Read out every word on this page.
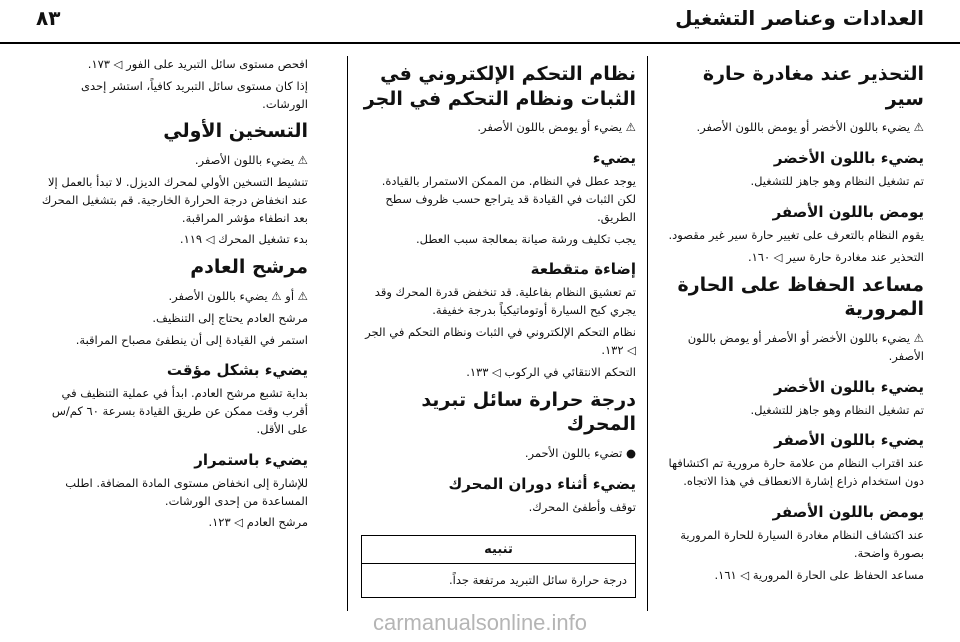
العدادات وعناصر التشغيل
٨٣
التحذير عند مغادرة حارة سير

⚠ يضيء باللون الأخضر أو يومض باللون الأصفر.

يضيء باللون الأخضر

تم تشغيل النظام وهو جاهز للتشغيل.

يومض باللون الأصفر

يقوم النظام بالتعرف على تغيير حارة سير غير مقصود.

التحذير عند مغادرة حارة سير ◁ ١٦٠.

مساعد الحفاظ على الحارة المرورية

⚠ يضيء باللون الأخضر أو الأصفر أو يومض باللون الأصفر.

يضيء باللون الأخضر

تم تشغيل النظام وهو جاهز للتشغيل.

يضيء باللون الأصفر

عند اقتراب النظام من علامة حارة مرورية تم اكتشافها دون استخدام ذراع إشارة الانعطاف في هذا الاتجاه.

يومض باللون الأصفر

عند اكتشاف النظام مغادرة السيارة للحارة المرورية بصورة واضحة.

مساعد الحفاظ على الحارة المرورية ◁ ١٦١.

نظام التحكم الإلكتروني في الثبات ونظام التحكم في الجر

⚠ يضيء أو يومض باللون الأصفر.

يضيء

يوجد عطل في النظام. من الممكن الاستمرار بالقيادة. لكن الثبات في القيادة قد يتراجع حسب ظروف سطح الطريق.

يجب تكليف ورشة صيانة بمعالجة سبب العطل.

إضاءة متقطعة

تم تعشيق النظام بفاعلية. قد تنخفض قدرة المحرك وقد يجري كبح السيارة أوتوماتيكياً بدرجة خفيفة.

نظام التحكم الإلكتروني في الثبات ونظام التحكم في الجر ◁ ١٣٢.

التحكم الانتقائي في الركوب ◁ ١٣٣.

درجة حرارة سائل تبريد المحرك

● تضيء باللون الأحمر.

يضيء أثناء دوران المحرك

توقف وأطفئ المحرك.

تنبيه
درجة حرارة سائل التبريد مرتفعة جداً.

افحص مستوى سائل التبريد على الفور ◁ ١٧٣.

إذا كان مستوى سائل التبريد كافياً، استشر إحدى الورشات.

التسخين الأولي

⚠ يضيء باللون الأصفر.

تنشيط التسخين الأولي لمحرك الديزل. لا تبدأ بالعمل إلا عند انخفاض درجة الحرارة الخارجية. قم بتشغيل المحرك بعد انطفاء مؤشر المراقبة.

بدء تشغيل المحرك ◁ ١١٩.

مرشح العادم

⚠ أو ⚠ يضيء باللون الأصفر.

مرشح العادم يحتاج إلى التنظيف.

استمر في القيادة إلى أن ينطفئ مصباح المراقبة.

يضيء بشكل مؤقت

بداية تشبع مرشح العادم. ابدأ في عملية التنظيف في أقرب وقت ممكن عن طريق القيادة بسرعة ٦٠ كم/س على الأقل.

يضيء باستمرار

للإشارة إلى انخفاض مستوى المادة المضافة. اطلب المساعدة من إحدى الورشات.

مرشح العادم ◁ ١٢٣.

carmanualsonline.info
